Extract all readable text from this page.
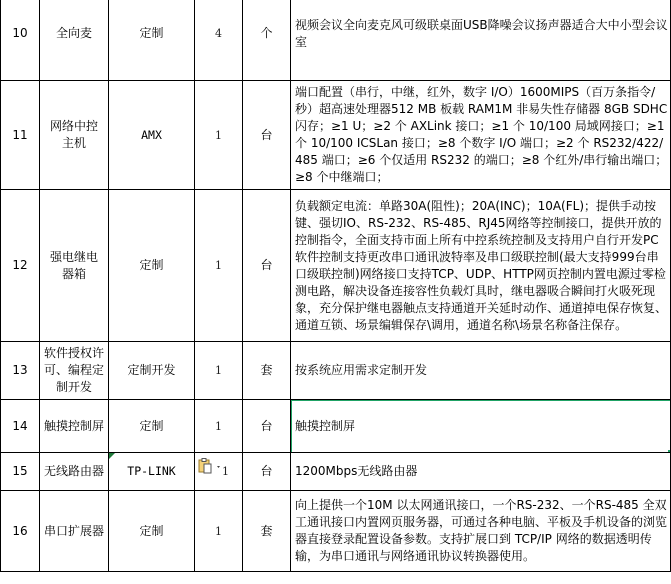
10	全向麦	定制	4	个	视频会议全向麦克风可级联桌面USB降噪会议扬声器适合大中小型会议室
11	网络中控主机	AMX	1	台	端口配置（串行，中继，红外，数字 I/O）1600MIPS（百万条指令/秒）超高速处理器512 MB 板载 RAM1M 非易失性存储器 8GB SDHC 闪存；≥1 U；≥2 个 AXLink 接口；≥1 个 10/100 局域网接口；≥1 个 10/100 ICSLan 接口；≥8 个数字 I/O 端口；≥2 个 RS232/422/485 端口；≥6 个仅适用 RS232 的端口；≥8 个红外/串行输出端口；≥8 个中继端口；
12	强电继电器箱	定制	1	台	负载额定电流：单路30A(阻性)；20A(INC)；10A(FL)；提供手动按键、强切IO、RS-232、RS-485、RJ45网络等控制接口，提供开放的控制指令，全面支持市面上所有中控系统控制及支持用户自行开发PC软件控制支持更改串口通讯波特率及串口级联控制(最大支持999台串口级联控制)网络接口支持TCP、UDP、HTTP网页控制内置电源过零检测电路，解决设备连接容性负载灯具时，继电器吸合瞬间打火吸死现象，充分保护继电器触点支持通道开关延时动作、通道掉电保存恢复、通道互锁、场景编辑保存\调用，通道名称\场景名称备注保存。
13	软件授权许可、编程定制开发	定制开发	1	套	按系统应用需求定制开发
14	触摸控制屏	定制	1	台	触摸控制屏

15	无线路由器	TP-LINK	1	台	1200Mbps无线路由器
16	串口扩展器	定制	1	套	向上提供一个10M 以太网通讯接口，一个RS-232、一个RS-485 全双工通讯接口内置网页服务器，可通过各种电脑、平板及手机设备的浏览器直接登录配置设备参数。支持扩展口到 TCP/IP 网络的数据透明传输，为串口通讯与网络通讯协议转换器使用。
